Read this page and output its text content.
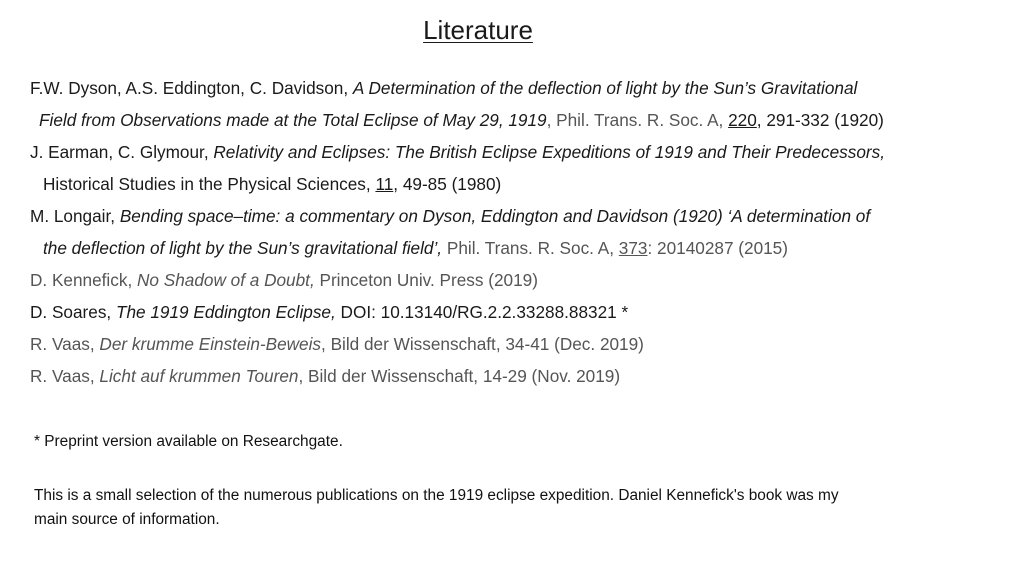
Literature
F.W. Dyson, A.S. Eddington, C. Davidson, A Determination of the deflection of light by the Sun’s Gravitational
Field from Observations made at the Total Eclipse of May 29, 1919, Phil. Trans. R. Soc. A, 220, 291-332 (1920)
J. Earman, C. Glymour, Relativity and Eclipses: The British Eclipse Expeditions of 1919 and Their Predecessors,
Historical Studies in the Physical Sciences, 11, 49-85 (1980)
M. Longair, Bending space–time: a commentary on Dyson, Eddington and Davidson (1920) ‘A determination of
the deflection of light by the Sun’s gravitational field’, Phil. Trans. R. Soc. A, 373: 20140287 (2015)
D. Kennefick, No Shadow of a Doubt, Princeton Univ. Press (2019)
D. Soares, The 1919 Eddington Eclipse, DOI: 10.13140/RG.2.2.33288.88321 *
R. Vaas, Der krumme Einstein-Beweis, Bild der Wissenschaft, 34-41 (Dec. 2019)
R. Vaas, Licht auf krummen Touren, Bild der Wissenschaft, 14-29 (Nov. 2019)
* Preprint version available on Researchgate.
This is a small selection of the numerous publications on the 1919 eclipse expedition. Daniel Kennefick's book was my main source of information.
